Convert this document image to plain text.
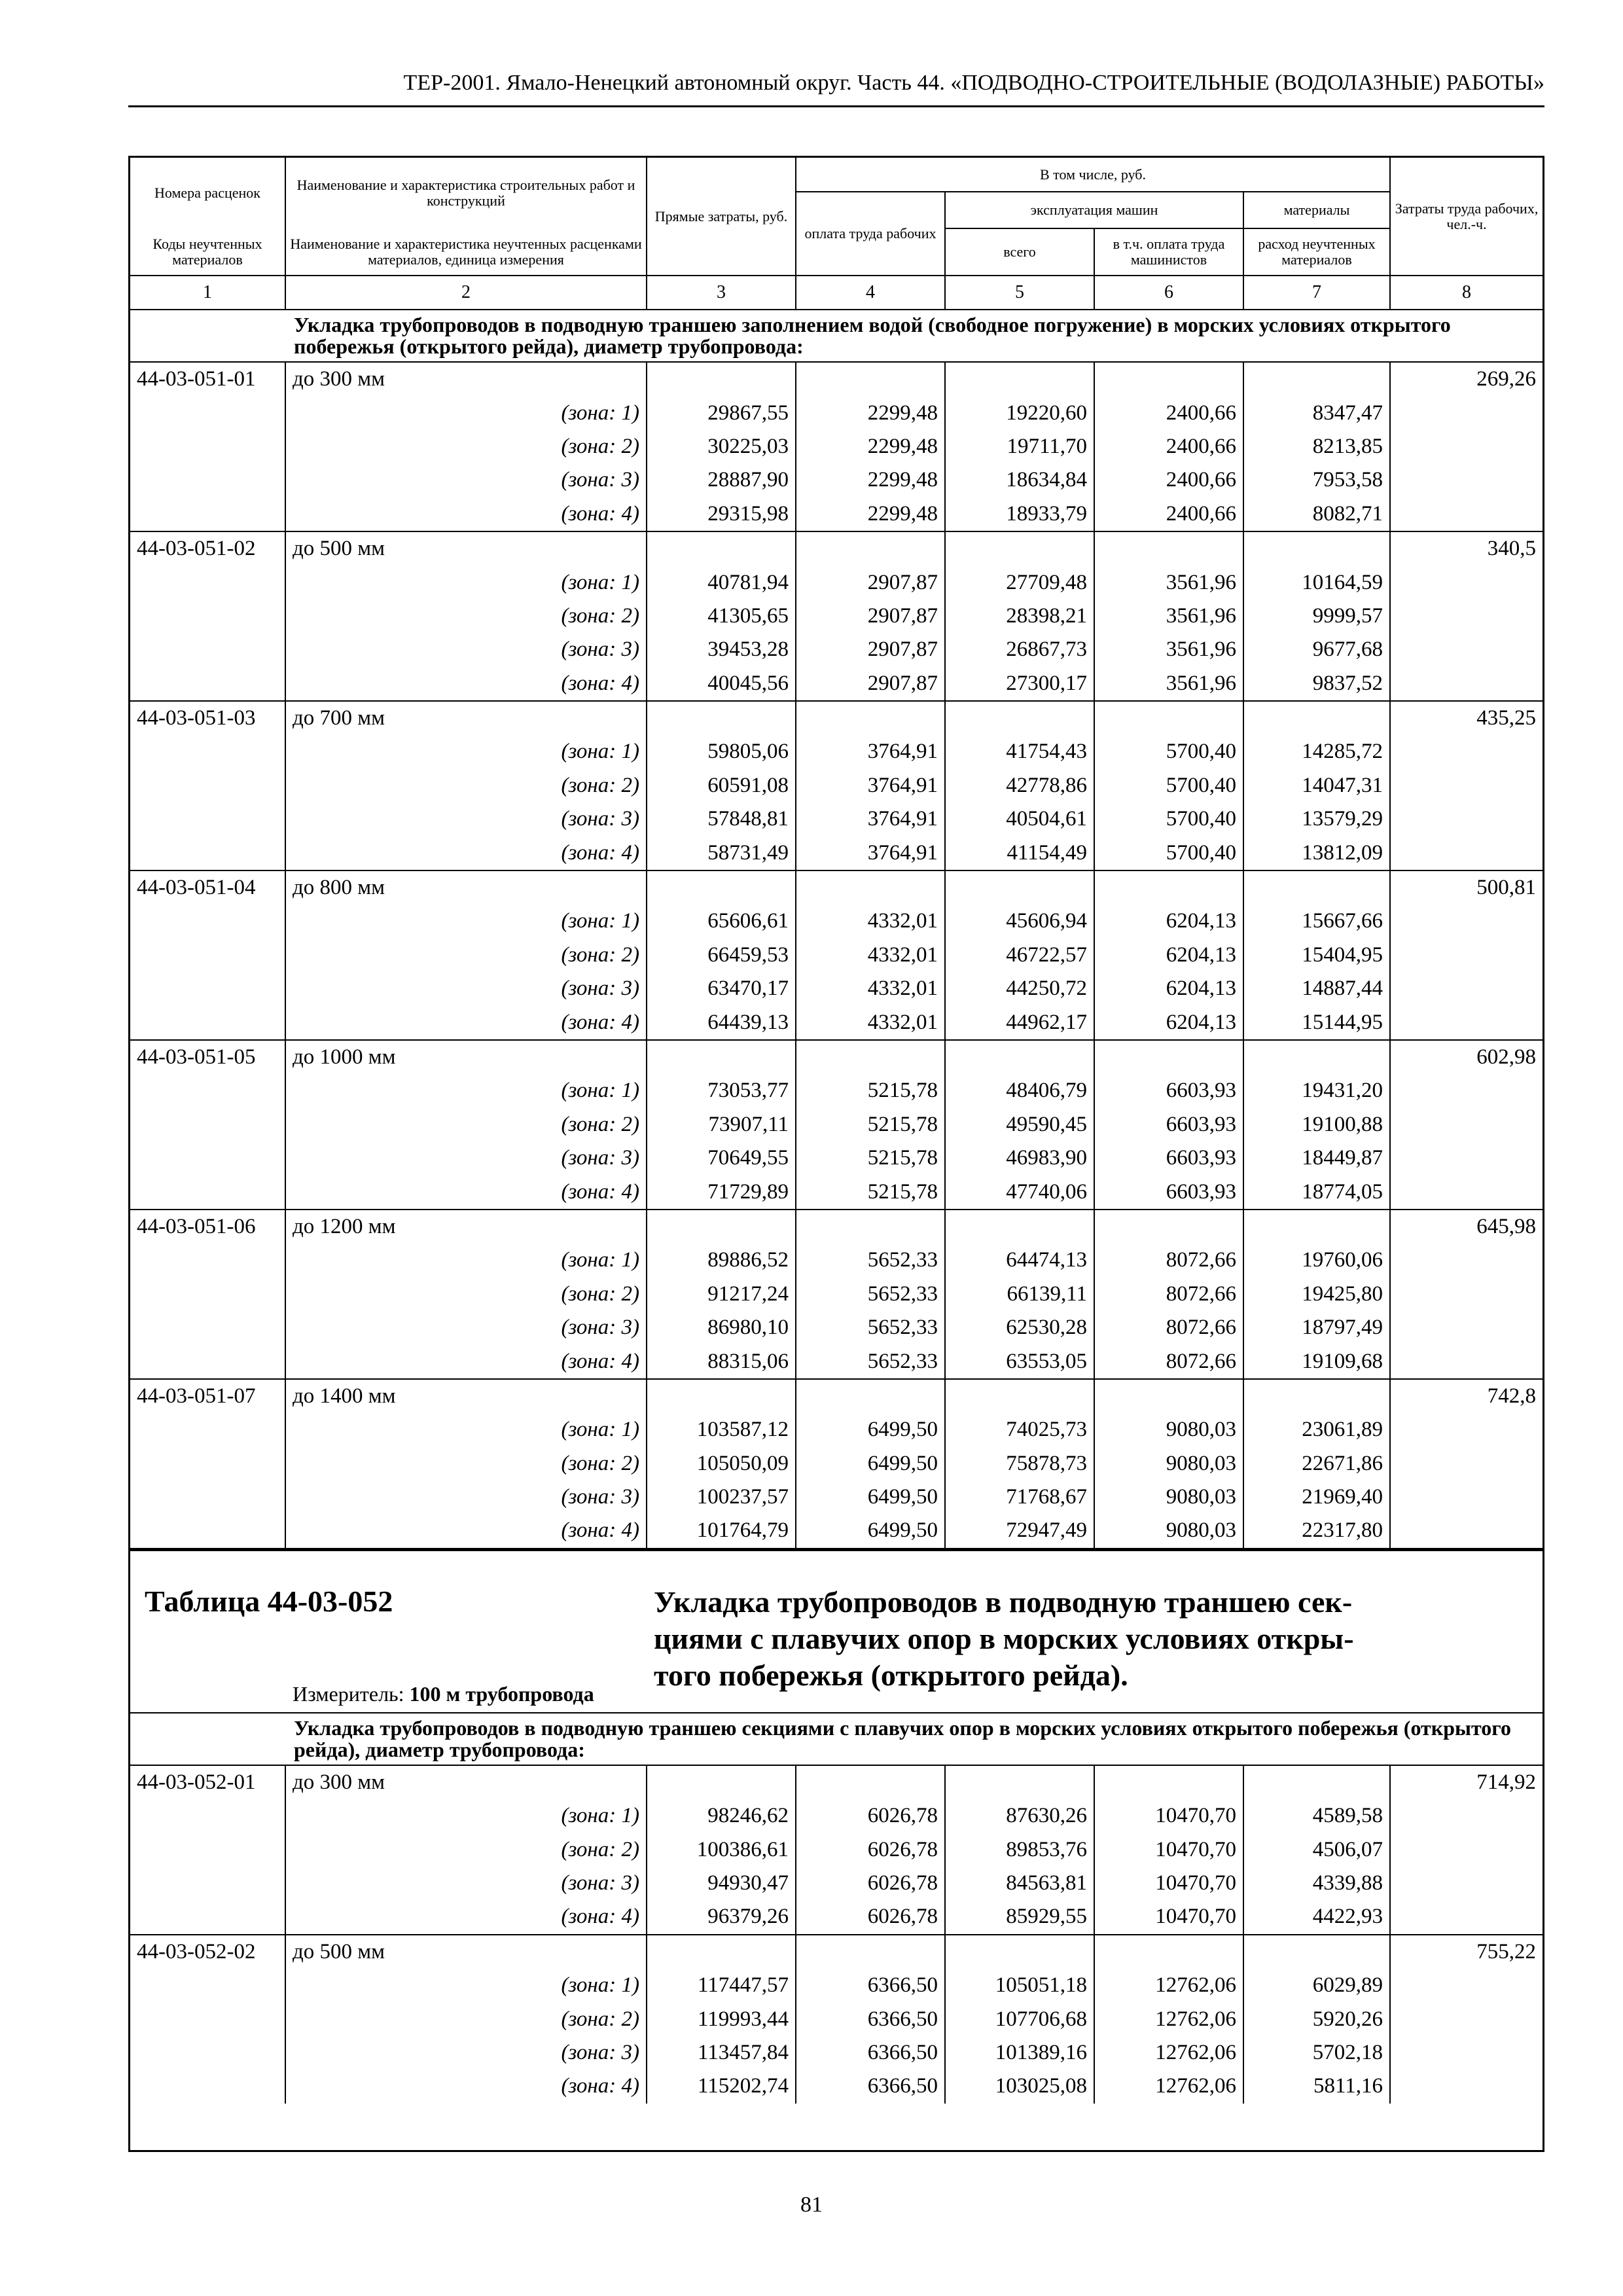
ТЕР-2001. Ямало-Ненецкий автономный округ. Часть 44. «ПОДВОДНО-СТРОИТЕЛЬНЫЕ (ВОДОЛАЗНЫЕ) РАБОТЫ»
Номера расценок	Наименование и характеристика строительных работ и конструкций	Прямые затраты, руб.	В том числе, руб.				Затраты труда рабочих, чел.-ч.
			оплата труда рабочих	эксплуатация машин		материалы	
Коды неучтенных материалов	Наименование и характеристика неучтенных расценками материалов, единица измерения			всего	в т.ч. оплата труда машинистов	расход неучтенных материалов	
1	2	3	4	5	6	7	8
Укладка трубопроводов в подводную траншею заполнением водой (свободное погружение) в морских условиях открытого побережья (открытого рейда), диаметр трубопровода:
44-03-051-01	до 300 мм						269,26

	(зона: 1)	29867,55	2299,48	19220,60	2400,66	8347,47	

	(зона: 2)	30225,03	2299,48	19711,70	2400,66	8213,85	

	(зона: 3)	28887,90	2299,48	18634,84	2400,66	7953,58	

	(зона: 4)	29315,98	2299,48	18933,79	2400,66	8082,71	
44-03-051-02	до 500 мм						340,5

	(зона: 1)	40781,94	2907,87	27709,48	3561,96	10164,59	

	(зона: 2)	41305,65	2907,87	28398,21	3561,96	9999,57	

	(зона: 3)	39453,28	2907,87	26867,73	3561,96	9677,68	

	(зона: 4)	40045,56	2907,87	27300,17	3561,96	9837,52	
44-03-051-03	до 700 мм						435,25

	(зона: 1)	59805,06	3764,91	41754,43	5700,40	14285,72	

	(зона: 2)	60591,08	3764,91	42778,86	5700,40	14047,31	

	(зона: 3)	57848,81	3764,91	40504,61	5700,40	13579,29	

	(зона: 4)	58731,49	3764,91	41154,49	5700,40	13812,09	
44-03-051-04	до 800 мм						500,81

	(зона: 1)	65606,61	4332,01	45606,94	6204,13	15667,66	

	(зона: 2)	66459,53	4332,01	46722,57	6204,13	15404,95	

	(зона: 3)	63470,17	4332,01	44250,72	6204,13	14887,44	

	(зона: 4)	64439,13	4332,01	44962,17	6204,13	15144,95	
44-03-051-05	до 1000 мм						602,98

	(зона: 1)	73053,77	5215,78	48406,79	6603,93	19431,20	

	(зона: 2)	73907,11	5215,78	49590,45	6603,93	19100,88	

	(зона: 3)	70649,55	5215,78	46983,90	6603,93	18449,87	

	(зона: 4)	71729,89	5215,78	47740,06	6603,93	18774,05	
44-03-051-06	до 1200 мм						645,98

	(зона: 1)	89886,52	5652,33	64474,13	8072,66	19760,06	

	(зона: 2)	91217,24	5652,33	66139,11	8072,66	19425,80	

	(зона: 3)	86980,10	5652,33	62530,28	8072,66	18797,49	

	(зона: 4)	88315,06	5652,33	63553,05	8072,66	19109,68	
44-03-051-07	до 1400 мм						742,8

	(зона: 1)	103587,12	6499,50	74025,73	9080,03	23061,89	

	(зона: 2)	105050,09	6499,50	75878,73	9080,03	22671,86	

	(зона: 3)	100237,57	6499,50	71768,67	9080,03	21969,40	

	(зона: 4)	101764,79	6499,50	72947,49	9080,03	22317,80	
Таблица 44-03-052	Укладка трубопроводов в подводную траншею сек-
циями с плавучих опор в морских условиях откры-
того побережья (открытого рейда).
Измеритель: 100 м трубопровода
Укладка трубопроводов в подводную траншею секциями с плавучих опор в морских условиях открытого побережья (открытого рейда), диаметр трубопровода:
44-03-052-01	до 300 мм						714,92

	(зона: 1)	98246,62	6026,78	87630,26	10470,70	4589,58	

	(зона: 2)	100386,61	6026,78	89853,76	10470,70	4506,07	

	(зона: 3)	94930,47	6026,78	84563,81	10470,70	4339,88	

	(зона: 4)	96379,26	6026,78	85929,55	10470,70	4422,93	
44-03-052-02	до 500 мм						755,22

	(зона: 1)	117447,57	6366,50	105051,18	12762,06	6029,89	

	(зона: 2)	119993,44	6366,50	107706,68	12762,06	5920,26	

	(зона: 3)	113457,84	6366,50	101389,16	12762,06	5702,18	

	(зона: 4)	115202,74	6366,50	103025,08	12762,06	5811,16	
81
